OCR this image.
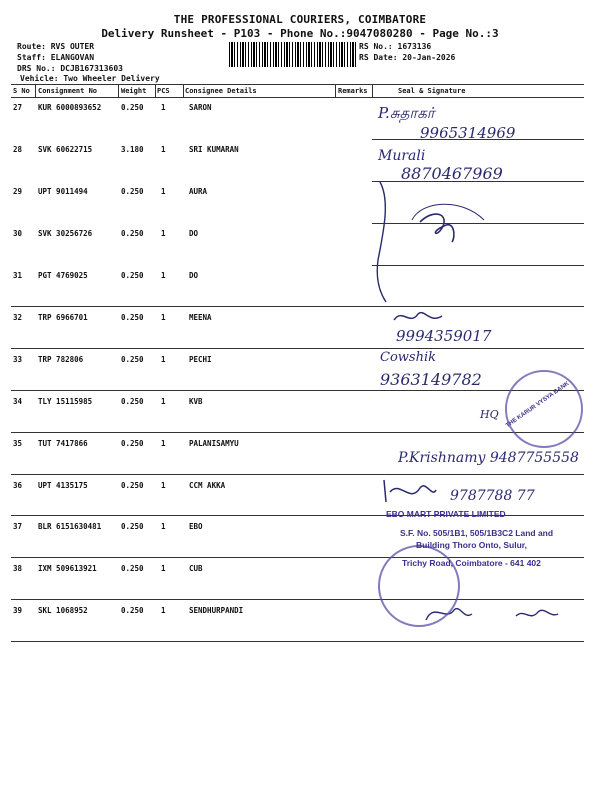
THE PROFESSIONAL COURIERS, COIMBATORE
Delivery Runsheet - P103 - Phone No.:9047080280 - Page No.:3
Route: RVS OUTER
Staff: ELANGOVAN
DRS No.: DCJB167313603
Vehicle: Two Wheeler Delivery
RS No.: 1673136
RS Date: 20-Jan-2026
S No Consignment No	Weight PCS Consignee Details	Remarks	Seal & Signature
27 KUR 6000893652	0.250 1	SARON
28 SVK 60622715	3.180 1	SRI KUMARAN
29 UPT 9011494	0.250 1	AURA
30 SVK 30256726	0.250 1	DO
31 PGT 4769025	0.250 1	DO
32 TRP 6966701	0.250 1	MEENA
33 TRP 782806	0.250 1	PECHI
34 TLY 15115985	0.250 1	KVB
35 TUT 7417866	0.250 1	PALANISAMYU
36 UPT 4135175	0.250 1	CCM AKKA
37 BLR 6151630481	0.250 1	EBO
38 IXM 509613921	0.250 1	CUB
39 SKL 1068952	0.250 1	SENDHURPANDI
P.சுதாகர்
9965314969
Murali
8870467969
9994359017
Cowshik
9363149782
HQ
P.Krishnamy 9487755558
9787788 77
THE KARUR VYSYA BANK
EBO MART PRIVATE LIMITED
S.F. No. 505/1B1, 505/1B3C2 Land and
Building Thoro Onto, Sulur,
Trichy Road, Coimbatore - 641 402
